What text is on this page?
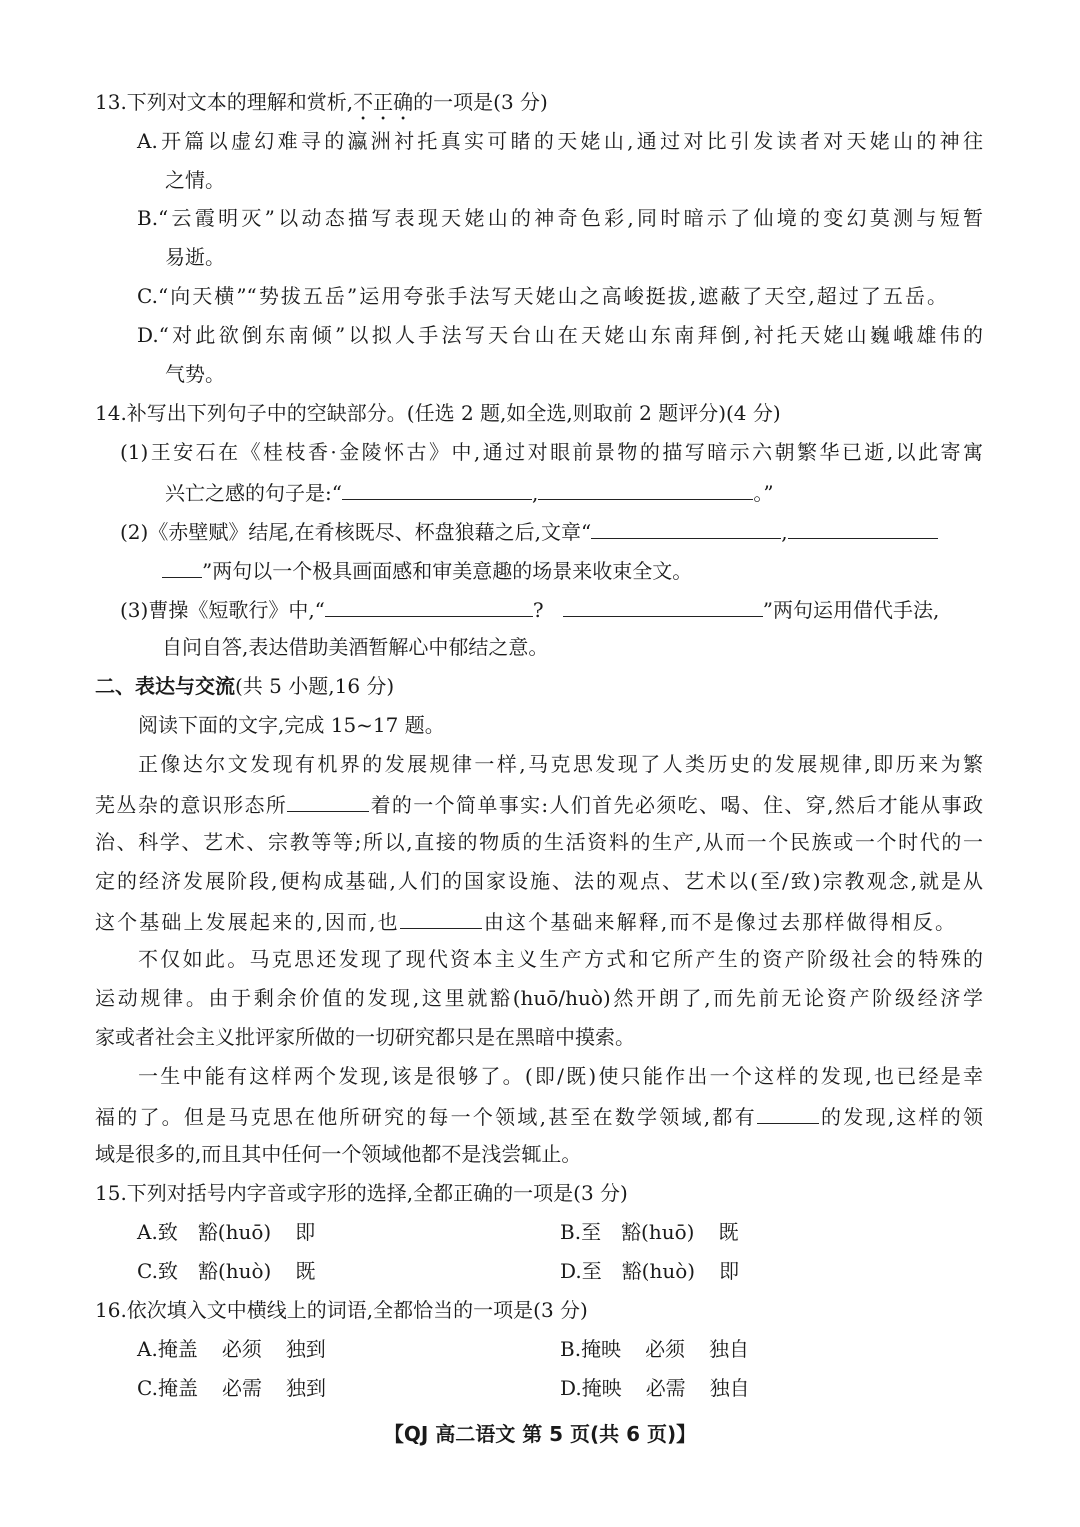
13.下列对文本的理解和赏析,不正确的一项是(3 分)
A.开篇以虚幻难寻的瀛洲衬托真实可睹的天姥山,通过对比引发读者对天姥山的神往
之情。
B.“云霞明灭”以动态描写表现天姥山的神奇色彩,同时暗示了仙境的变幻莫测与短暂
易逝。
C.“向天横”“势拔五岳”运用夸张手法写天姥山之高峻挺拔,遮蔽了天空,超过了五岳。
D.“对此欲倒东南倾”以拟人手法写天台山在天姥山东南拜倒,衬托天姥山巍峨雄伟的
气势。
14.补写出下列句子中的空缺部分。(任选 2 题,如全选,则取前 2 题评分)(4 分)
(1)王安石在《桂枝香·金陵怀古》中,通过对眼前景物的描写暗示六朝繁华已逝,以此寄寓
兴亡之感的句子是:“	,	。”
(2)《赤壁赋》结尾,在肴核既尽、杯盘狼藉之后,文章“	,
”两句以一个极具画面感和审美意趣的场景来收束全文。
(3)曹操《短歌行》中,“	?	”两句运用借代手法,
自问自答,表达借助美酒暂解心中郁结之意。
二、表达与交流(共 5 小题,16 分)
阅读下面的文字,完成 15~17 题。
正像达尔文发现有机界的发展规律一样,马克思发现了人类历史的发展规律,即历来为繁
芜丛杂的意识形态所	着的一个简单事实:人们首先必须吃、喝、住、穿,然后才能从事政
治、科学、艺术、宗教等等;所以,直接的物质的生活资料的生产,从而一个民族或一个时代的一
定的经济发展阶段,便构成基础,人们的国家设施、法的观点、艺术以(至/致)宗教观念,就是从
这个基础上发展起来的,因而,也	由这个基础来解释,而不是像过去那样做得相反。
不仅如此。马克思还发现了现代资本主义生产方式和它所产生的资产阶级社会的特殊的
运动规律。由于剩余价值的发现,这里就豁(huō/huò)然开朗了,而先前无论资产阶级经济学
家或者社会主义批评家所做的一切研究都只是在黑暗中摸索。
一生中能有这样两个发现,该是很够了。(即/既)使只能作出一个这样的发现,也已经是幸
福的了。但是马克思在他所研究的每一个领域,甚至在数学领域,都有	的发现,这样的领
域是很多的,而且其中任何一个领域他都不是浅尝辄止。
15.下列对括号内字音或字形的选择,全都正确的一项是(3 分)
A.致 豁(huō) 即	B.至 豁(huō) 既
C.致 豁(huò) 既	D.至 豁(huò) 即
16.依次填入文中横线上的词语,全都恰当的一项是(3 分)
A.掩盖 必须 独到	B.掩映 必须 独自
C.掩盖 必需 独到	D.掩映 必需 独自
【QJ 高二语文 第 5 页(共 6 页)】
